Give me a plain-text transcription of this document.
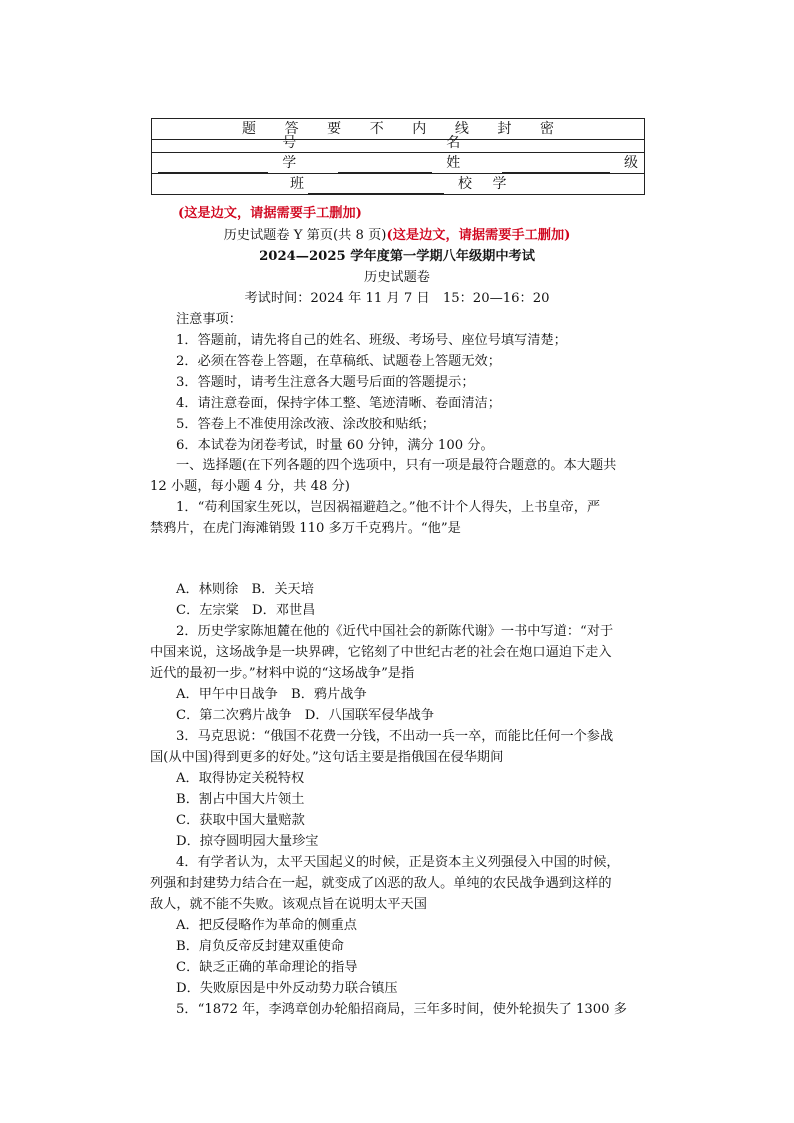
题 答 要 不 内 线 封 密
号 学
名 姓	级
班	校 学
(这是边文，请据需要手工删加)
历史试题卷 Y 第页(共 8 页)(这是边文，请据需要手工删加)
2024—2025 学年度第一学期八年级期中考试
历史试题卷
考试时间：2024 年 11 月 7 日　15：20—16：20
注意事项：
1．答题前，请先将自己的姓名、班级、考场号、座位号填写清楚；
2．必须在答卷上答题，在草稿纸、试题卷上答题无效；
3．答题时，请考生注意各大题号后面的答题提示；
4．请注意卷面，保持字体工整、笔迹清晰、卷面清洁；
5．答卷上不准使用涂改液、涂改胶和贴纸；
6．本试卷为闭卷考试，时量 60 分钟，满分 100 分。
一、选择题(在下列各题的四个选项中，只有一项是最符合题意的。本大题共
12 小题，每小题 4 分，共 48 分)
1．“苟利国家生死以，岂因祸福避趋之。”他不计个人得失，上书皇帝，严
禁鸦片，在虎门海滩销毁 110 多万千克鸦片。“他”是
A．林则徐　B．关天培
C．左宗棠　D．邓世昌
2．历史学家陈旭麓在他的《近代中国社会的新陈代谢》一书中写道：“对于
中国来说，这场战争是一块界碑，它铭刻了中世纪古老的社会在炮口逼迫下走入
近代的最初一步。”材料中说的“这场战争”是指
A．甲午中日战争　B．鸦片战争
C．第二次鸦片战争　D．八国联军侵华战争
3．马克思说：“俄国不花费一分钱，不出动一兵一卒，而能比任何一个参战
国(从中国)得到更多的好处。”这句话主要是指俄国在侵华期间
A．取得协定关税特权
B．割占中国大片领土
C．获取中国大量赔款
D．掠夺圆明园大量珍宝
4．有学者认为，太平天国起义的时候，正是资本主义列强侵入中国的时候，
列强和封建势力结合在一起，就变成了凶恶的敌人。单纯的农民战争遇到这样的
敌人，就不能不失败。该观点旨在说明太平天国
A．把反侵略作为革命的侧重点
B．肩负反帝反封建双重使命
C．缺乏正确的革命理论的指导
D．失败原因是中外反动势力联合镇压
5．“1872 年，李鸿章创办轮船招商局，三年多时间，使外轮损失了 1300 多
